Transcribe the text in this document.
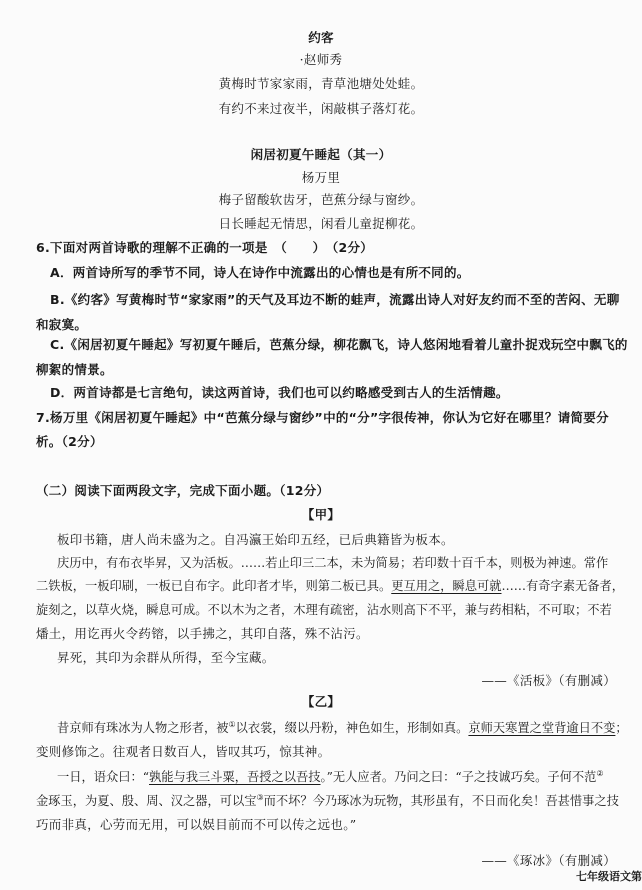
约客
·赵师秀
黄梅时节家家雨，青草池塘处处蛙。
有约不来过夜半，闲敲棋子落灯花。
闲居初夏午睡起（其一）
杨万里
梅子留酸软齿牙，芭蕉分绿与窗纱。
日长睡起无情思，闲看儿童捉柳花。
6.下面对两首诗歌的理解不正确的一项是　（　　）　（2分）
A．两首诗所写的季节不同，诗人在诗作中流露出的心情也是有所不同的。
B.《约客》写黄梅时节“家家雨”的天气及耳边不断的蛙声，流露出诗人对好友约而不至的苦闷、无聊
和寂寞。
C.《闲居初夏午睡起》写初夏午睡后，芭蕉分绿，柳花飘飞，诗人悠闲地看着儿童扑捉戏玩空中飘飞的
柳絮的情景。
D．两首诗都是七言绝句，读这两首诗，我们也可以约略感受到古人的生活情趣。
7.杨万里《闲居初夏午睡起》中“芭蕉分绿与窗纱”中的“分”字很传神，你认为它好在哪里？请简要分
析。（2分）
（二）阅读下面两段文字，完成下面小题。（12分）
【甲】
板印书籍，唐人尚未盛为之。自冯瀛王始印五经，已后典籍皆为板本。
庆历中，有布衣毕昇，又为活板。……若止印三二本，未为简易；若印数十百千本，则极为神速。常作
二铁板，一板印刷，一板已自布字。此印者才毕，则第二板已具。更互用之，瞬息可就……有奇字素无备者，
旋刻之，以草火烧，瞬息可成。不以木为之者，木理有疏密，沾水则高下不平，兼与药相粘，不可取；不若
燔土，用讫再火令药镕，以手拂之，其印自落，殊不沾污。
昇死，其印为余群从所得，至今宝藏。
——《活板》（有删减）
【乙】
昔京师有珠冰为人物之形者，被①以衣裳，缀以丹粉，神色如生，形制如真。京师天寒置之堂背逾日不变；
变则修饰之。往观者日数百人，皆叹其巧，惊其神。
一日，语众曰：“孰能与我三斗粟，吾授之以吾技。”无人应者。乃问之曰：“子之技诚巧矣。子何不范②
金琢玉，为夏、殷、周、汉之器，可以宝③而不坏？今乃琢冰为玩物，其形虽有，不日而化矣！吾甚惜事之技
巧而非真，心劳而无用，可以娱目前而不可以传之远也。”
——《琢冰》（有删减）
七年级语文第
